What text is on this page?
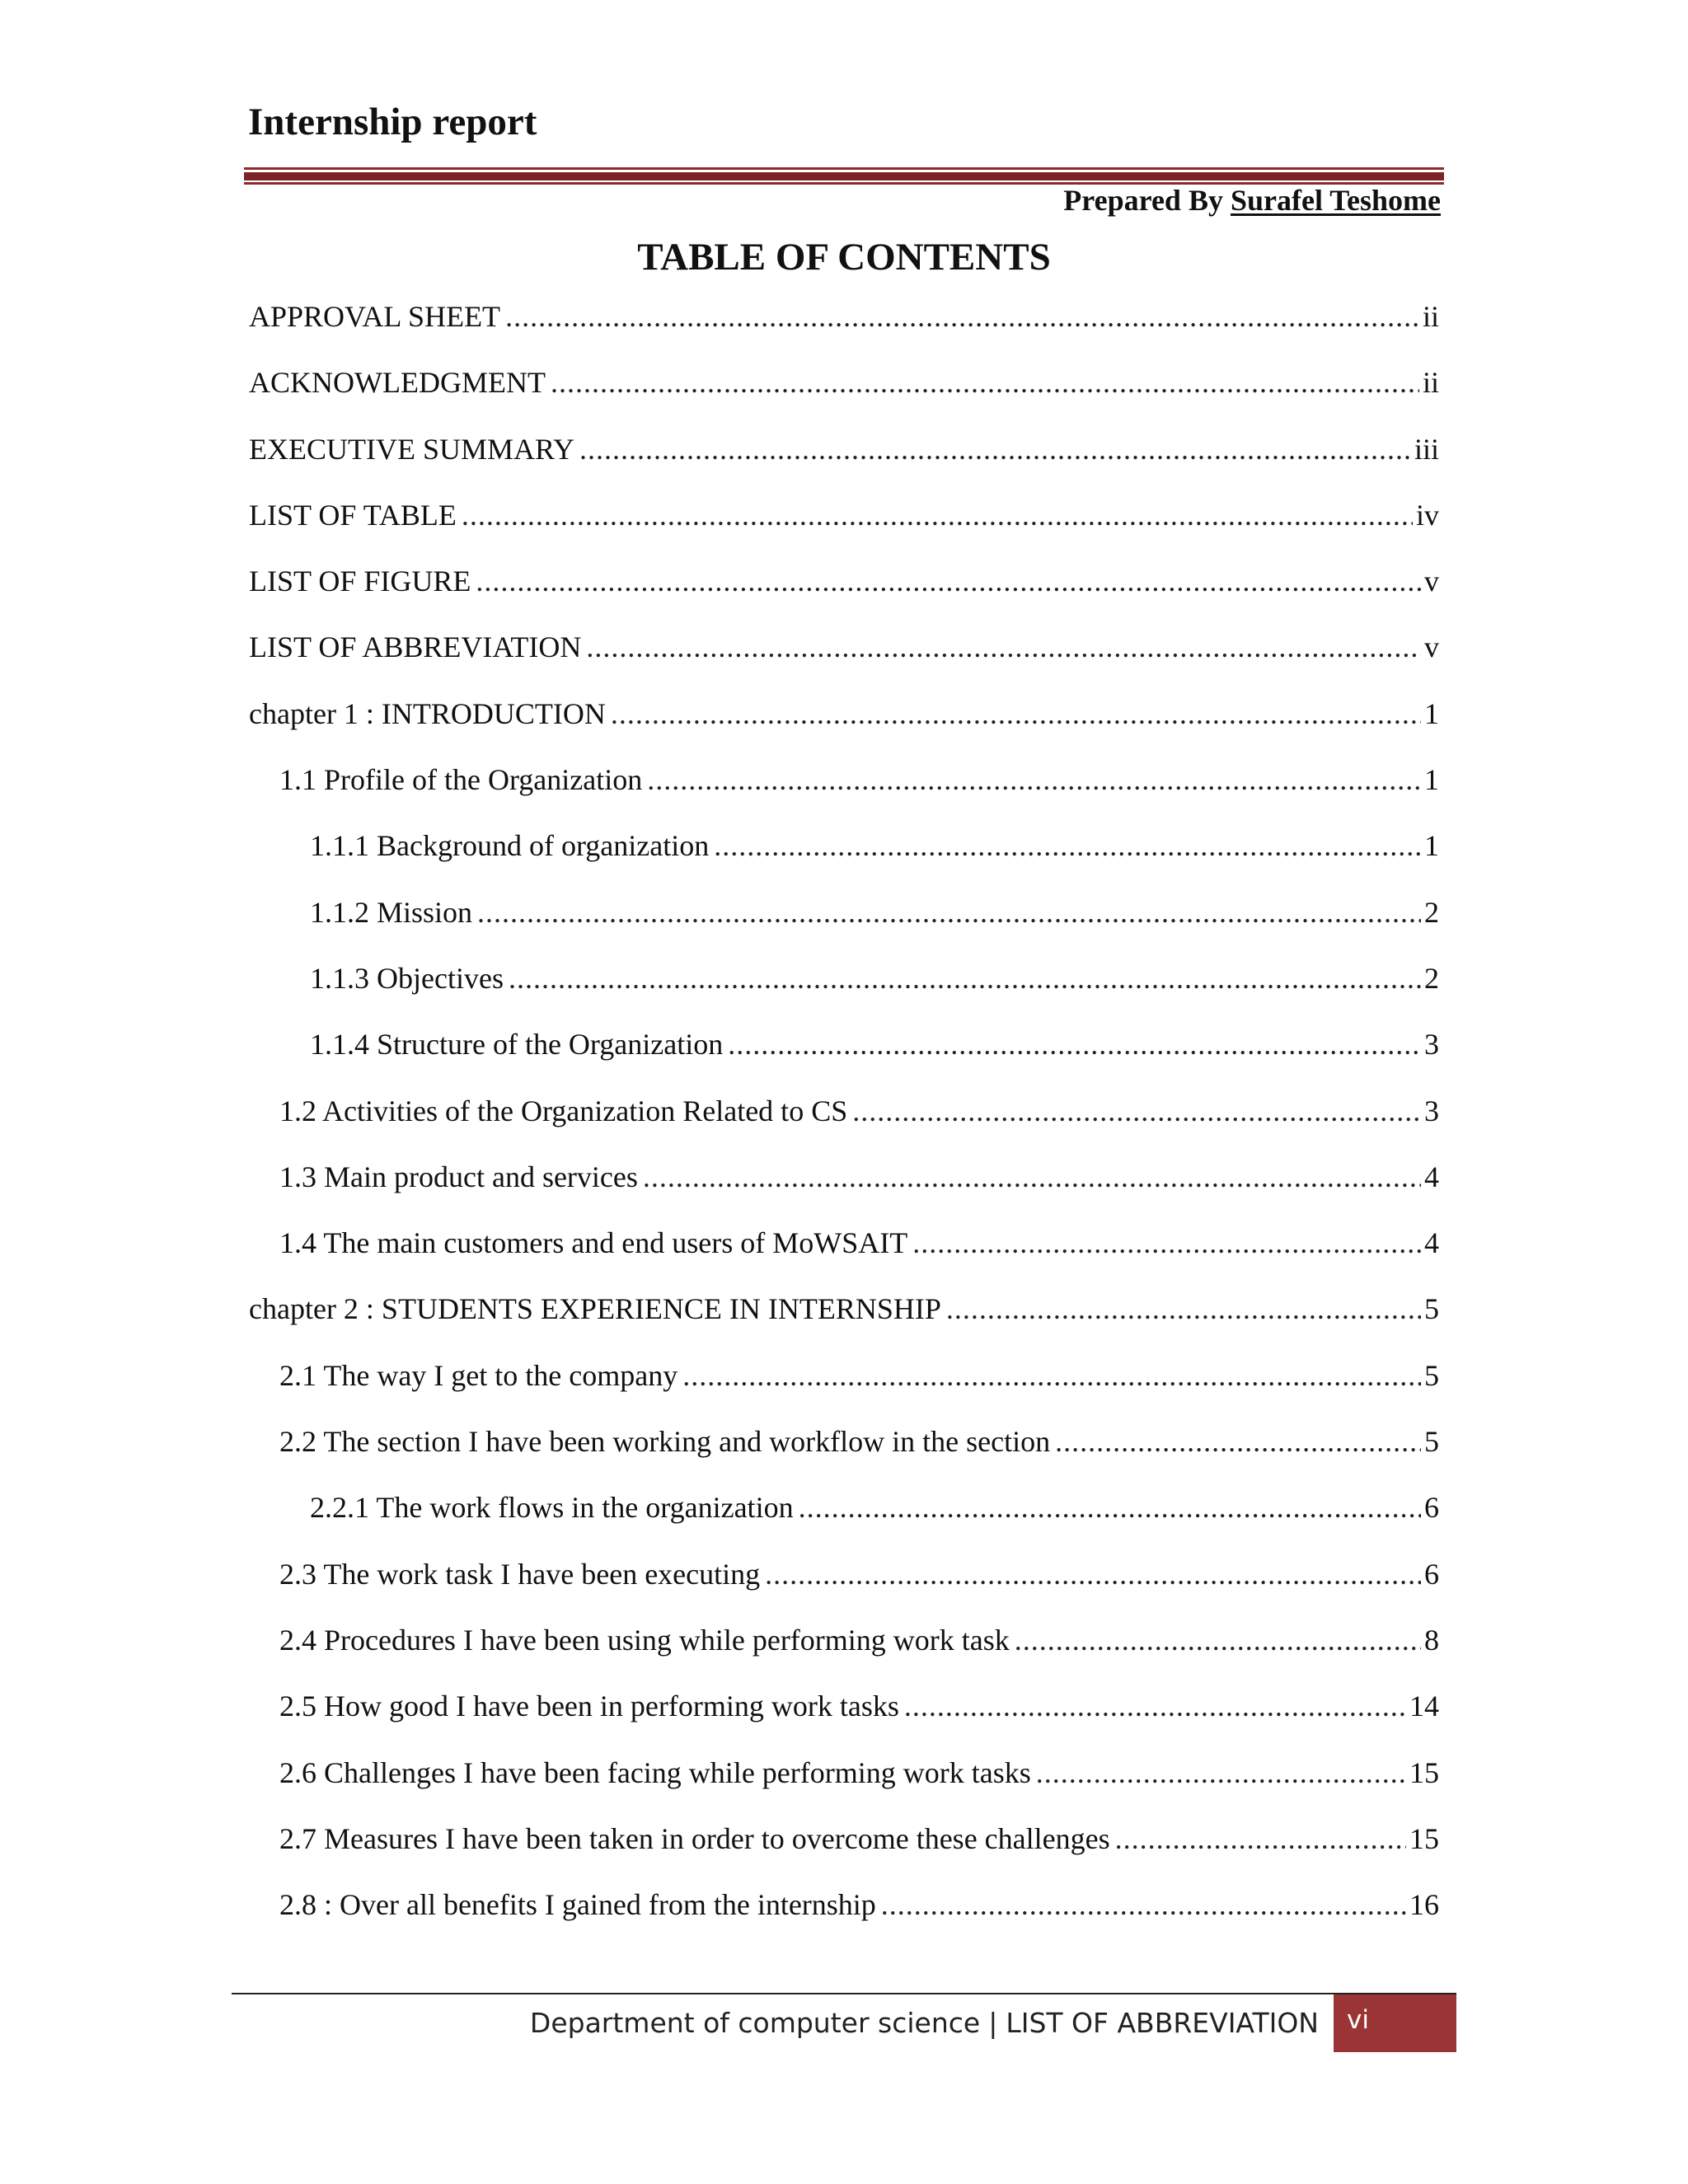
Internship report
Prepared By Surafel Teshome
TABLE OF CONTENTS
APPROVAL SHEET .....	ii
ACKNOWLEDGMENT .....	ii
EXECUTIVE SUMMARY .....	iii
LIST OF TABLE .....	iv
LIST OF FIGURE .....	v
LIST OF ABBREVIATION .....	v
chapter 1 : INTRODUCTION .....	1
1.1 Profile of the Organization .....	1
1.1.1 Background of organization .....	1
1.1.2 Mission .....	2
1.1.3 Objectives .....	2
1.1.4 Structure of the Organization .....	3
1.2 Activities of the Organization Related to CS .....	3
1.3 Main product and services .....	4
1.4 The main customers and end users of MoWSAIT .....	4
chapter 2 : STUDENTS EXPERIENCE IN INTERNSHIP .....	5
2.1 The way I get to the company .....	5
2.2 The section I have been working and workflow in the section .....	5
2.2.1 The work flows in the organization .....	6
2.3 The work task I have been executing .....	6
2.4 Procedures I have been using while performing work task .....	8
2.5 How good I have been in performing work tasks .....	14
2.6 Challenges I have been facing while performing work tasks .....	15
2.7 Measures I have been taken in order to overcome these challenges .....	15
2.8 : Over all benefits I gained from the internship .....	16
Department of computer science | LIST OF ABBREVIATION	vi
